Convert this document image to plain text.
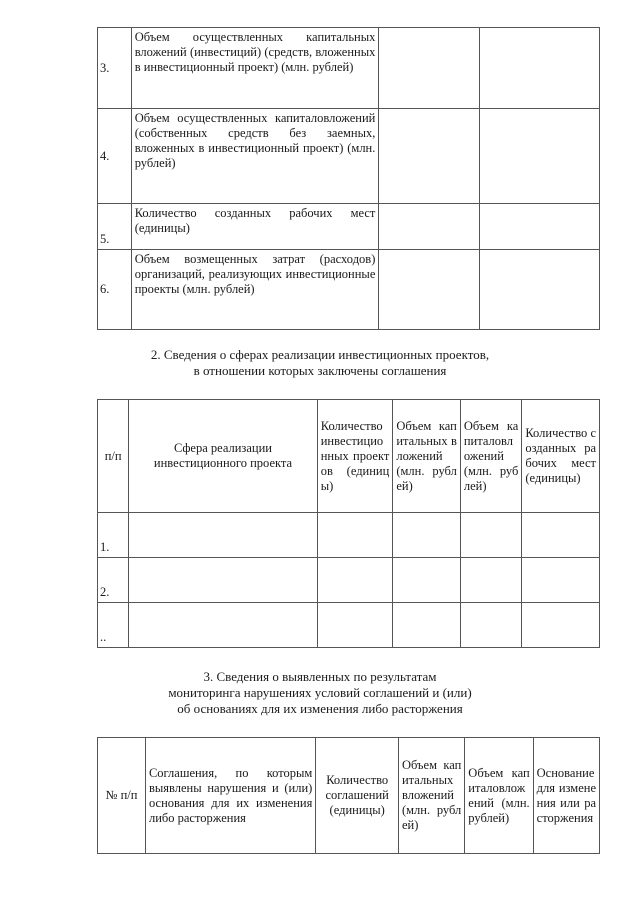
3.	Объем осуществленных капитальных вложений (инвестиций) (средств, вложенных в инвестиционный проект) (млн. рублей)		
4.	Объем осуществленных капиталовложений (собственных средств без заемных, вложенных в инвестиционный проект) (млн. рублей)		
5.	Количество созданных рабочих мест (единицы)		
6.	Объем возмещенных затрат (расходов) организаций, реализующих инвестиционные проекты (млн. рублей)		
2. Сведения о сферах реализации инвестиционных проектов,
в отношении которых заключены соглашения
п/п	Сфера реализации инвестиционного проекта	Количество инвестиционных проектов (единицы)	Объем капитальных вложений (млн. рублей)	Объем капиталовложений (млн. рублей)	Количество созданных рабочих мест (единицы)
1.					
2.					
..					
3. Сведения о выявленных по результатам
мониторинга нарушениях условий соглашений и (или)
об основаниях для их изменения либо расторжения
№ п/п	Соглашения, по которым выявлены нарушения и (или) основания для их изменения либо расторжения	Количество соглашений (единицы)	Объем капитальных вложений (млн. рублей)	Объем капиталовложений (млн. рублей)	Основание для изменения или расторжения
